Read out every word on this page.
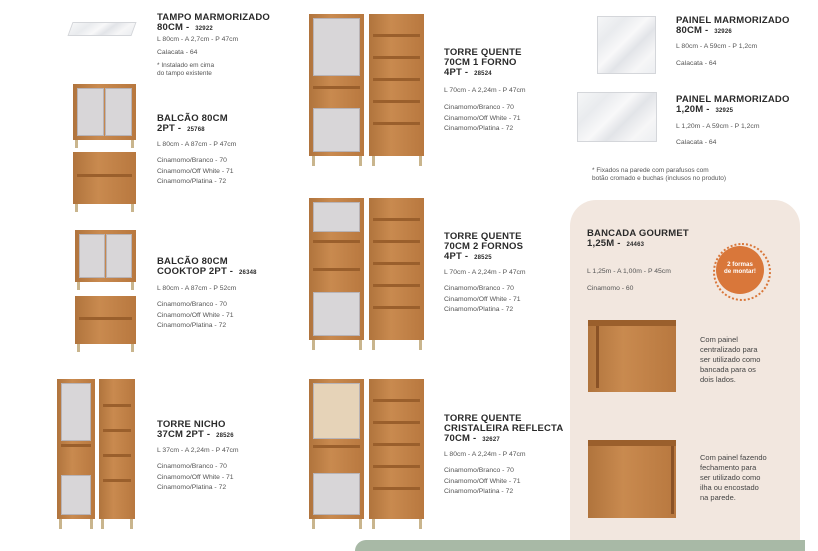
TAMPO MARMORIZADO
80CM - 32922
L 80cm - A 2,7cm - P 47cm
Calacata - 64
* Instalado em cima
do tampo existente
BALCÃO 80CM
2PT - 25768
L 80cm - A 87cm - P 47cm
Cinamomo/Branco - 70
Cinamomo/Off White - 71
Cinamomo/Platina - 72
BALCÃO 80CM
COOKTOP 2PT - 26348
L 80cm - A 87cm - P 52cm
Cinamomo/Branco - 70
Cinamomo/Off White - 71
Cinamomo/Platina - 72
TORRE NICHO
37CM 2PT - 28526
L 37cm - A 2,24m - P 47cm
Cinamomo/Branco - 70
Cinamomo/Off White - 71
Cinamomo/Platina - 72
TORRE QUENTE
70CM 1 FORNO
4PT - 28524
L 70cm - A 2,24m - P 47cm
Cinamomo/Branco - 70
Cinamomo/Off White - 71
Cinamomo/Platina - 72
TORRE QUENTE
70CM 2 FORNOS
4PT - 28525
L 70cm - A 2,24m - P 47cm
Cinamomo/Branco - 70
Cinamomo/Off White - 71
Cinamomo/Platina - 72
TORRE QUENTE
CRISTALEIRA REFLECTA
70CM - 32627
L 80cm - A 2,24m - P 47cm
Cinamomo/Branco - 70
Cinamomo/Off White - 71
Cinamomo/Platina - 72
PAINEL MARMORIZADO
80CM - 32926
L 80cm - A 59cm - P 1,2cm
Calacata - 64
PAINEL MARMORIZADO
1,20M - 32925
L 1,20m - A 59cm - P 1,2cm
Calacata - 64
* Fixados na parede com parafusos com
botão cromado e buchas (inclusos no produto)
BANCADA GOURMET
1,25M - 24463
L 1,25m - A 1,00m - P 45cm
Cinamomo - 60
2 formas
de montar!
Com painel
centralizado para
ser utilizado como
bancada para os
dois lados.
Com painel fazendo
fechamento para
ser utilizado como
ilha ou encostado
na parede.
